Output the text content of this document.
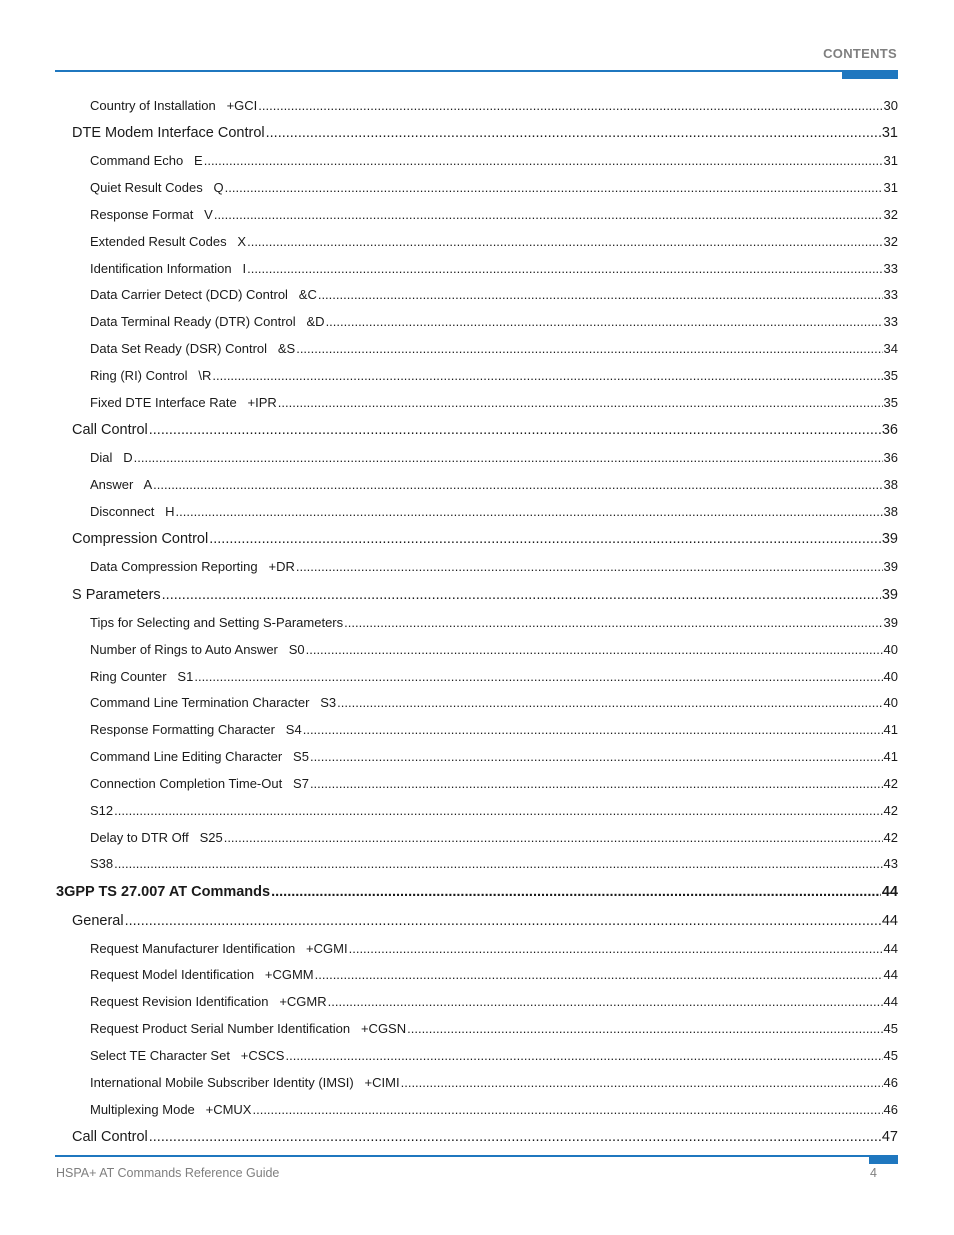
CONTENTS
Country of Installation   +GCI .....	30
DTE Modem Interface Control .....	31
Command Echo   E .....	31
Quiet Result Codes   Q .....	31
Response Format   V .....	32
Extended Result Codes   X .....	32
Identification Information   I .....	33
Data Carrier Detect (DCD) Control   &C .....	33
Data Terminal Ready (DTR) Control   &D .....	33
Data Set Ready (DSR) Control   &S .....	34
Ring (RI) Control   \R .....	35
Fixed DTE Interface Rate   +IPR .....	35
Call Control .....	36
Dial   D .....	36
Answer   A .....	38
Disconnect   H .....	38
Compression Control .....	39
Data Compression Reporting   +DR .....	39
S Parameters .....	39
Tips for Selecting and Setting S-Parameters .....	39
Number of Rings to Auto Answer   S0 .....	40
Ring Counter   S1 .....	40
Command Line Termination Character   S3 .....	40
Response Formatting Character   S4 .....	41
Command Line Editing Character   S5 .....	41
Connection Completion Time-Out   S7 .....	42
S12 .....	42
Delay to DTR Off   S25 .....	42
S38 .....	43
3GPP TS 27.007 AT Commands .....	44
General .....	44
Request Manufacturer Identification   +CGMI .....	44
Request Model Identification   +CGMM .....	44
Request Revision Identification   +CGMR .....	44
Request Product Serial Number Identification   +CGSN .....	45
Select TE Character Set   +CSCS .....	45
International Mobile Subscriber Identity (IMSI)   +CIMI .....	46
Multiplexing Mode   +CMUX .....	46
Call Control .....	47
HSPA+ AT Commands Reference Guide	4
